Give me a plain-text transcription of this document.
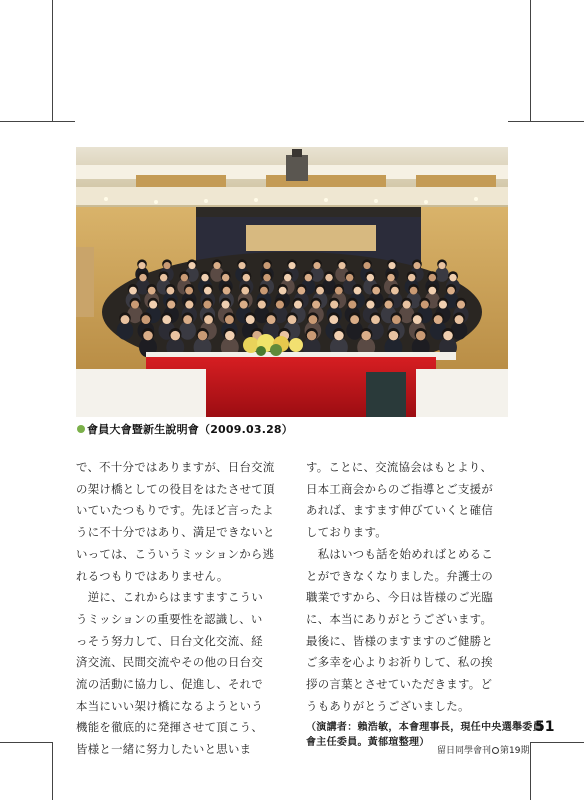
會員大會暨新生說明會（2009.03.28）
で、不十分ではありますが、日台交流
の架け橋としての役目をはたさせて頂
いていたつもりです。先ほど言ったよ
うに不十分ではあり、満足できないと
いっては、こういうミッションから逃
れるつもりではありません。
　逆に、これからはますますこうい
うミッションの重要性を認識し、い
っそう努力して、日台文化交流、経
済交流、民間交流やその他の日台交
流の活動に協力し、促進し、それで
本当にいい架け橋になるようという
機能を徹底的に発揮させて頂こう、
皆様と一緒に努力したいと思いま
す。ことに、交流協会はもとより、
日本工商会からのご指導とご支援が
あれば、ますます伸びていくと確信
しております。
　私はいつも話を始めればとめるこ
とができなくなりました。弁護士の
職業ですから、今日は皆様のご光臨
に、本当にありがとうございます。
最後に、皆様のますますのご健勝と
ご多幸を心よりお祈りして、私の挨
拶の言葉とさせていただきます。ど
うもありがとうございました。
（演講者：賴浩敏，本會理事長，現任中央選舉委員
會主任委員。黃郁瑄整理）
51
留日同學會刊 第19期
